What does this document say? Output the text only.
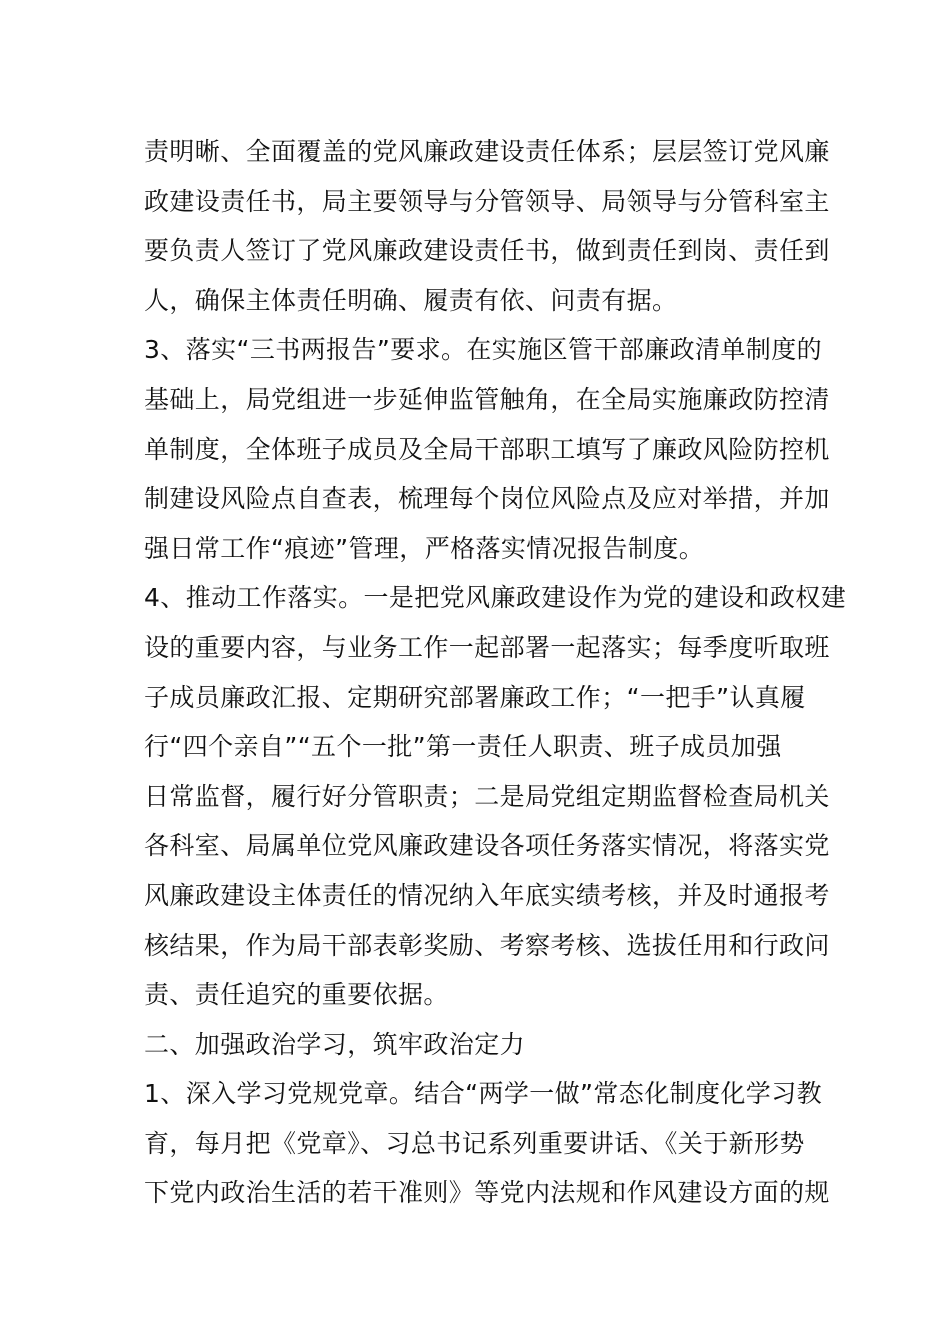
责明晰、全面覆盖的党风廉政建设责任体系；层层签订党风廉
政建设责任书，局主要领导与分管领导、局领导与分管科室主
要负责人签订了党风廉政建设责任书，做到责任到岗、责任到
人，确保主体责任明确、履责有依、问责有据。
3、落实“三书两报告”要求。在实施区管干部廉政清单制度的
基础上，局党组进一步延伸监管触角，在全局实施廉政防控清
单制度，全体班子成员及全局干部职工填写了廉政风险防控机
制建设风险点自查表，梳理每个岗位风险点及应对举措，并加
强日常工作“痕迹”管理，严格落实情况报告制度。
4、推动工作落实。一是把党风廉政建设作为党的建设和政权建
设的重要内容，与业务工作一起部署一起落实；每季度听取班
子成员廉政汇报、定期研究部署廉政工作；“一把手”认真履
行“四个亲自”“五个一批”第一责任人职责、班子成员加强
日常监督，履行好分管职责；二是局党组定期监督检查局机关
各科室、局属单位党风廉政建设各项任务落实情况，将落实党
风廉政建设主体责任的情况纳入年底实绩考核，并及时通报考
核结果，作为局干部表彰奖励、考察考核、选拔任用和行政问
责、责任追究的重要依据。
二、加强政治学习，筑牢政治定力
1、深入学习党规党章。结合“两学一做”常态化制度化学习教
育，每月把《党章》、习总书记系列重要讲话、《关于新形势
下党内政治生活的若干准则》等党内法规和作风建设方面的规
